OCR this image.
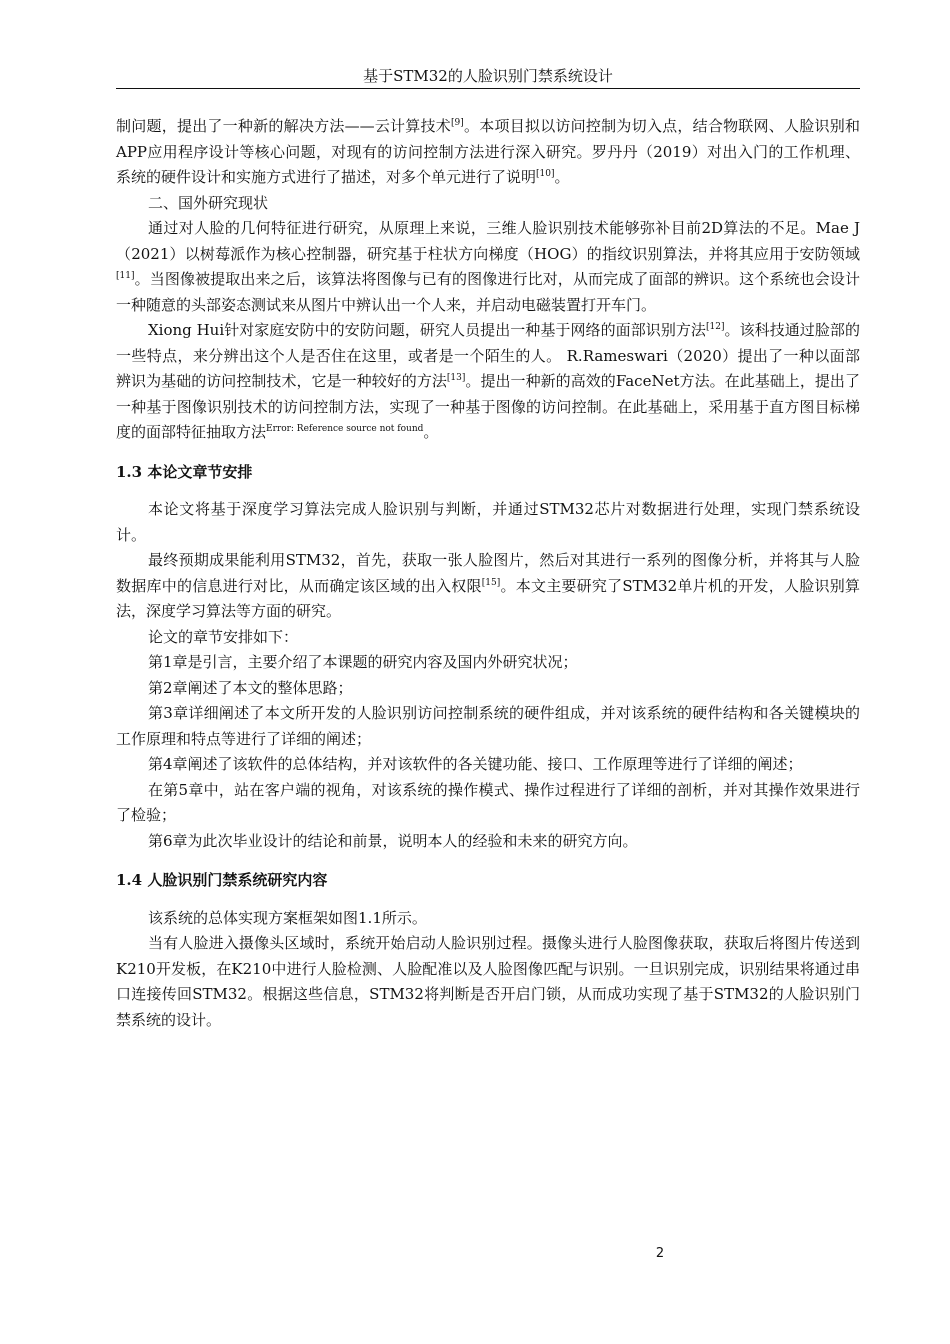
基于STM32的人脸识别门禁系统设计

制问题，提出了一种新的解决方法——云计算技术[9]。本项目拟以访问控制为切入点，结合物联网、人脸识别和APP应用程序设计等核心问题，对现有的访问控制方法进行深入研究。罗丹丹（2019）对出入门的工作机理、系统的硬件设计和实施方式进行了描述，对多个单元进行了说明[10]。

二、国外研究现状

通过对人脸的几何特征进行研究，从原理上来说，三维人脸识别技术能够弥补目前2D算法的不足。Mae J（2021）以树莓派作为核心控制器，研究基于柱状方向梯度（HOG）的指纹识别算法，并将其应用于安防领域[11]。当图像被提取出来之后，该算法将图像与已有的图像进行比对，从而完成了面部的辨识。这个系统也会设计一种随意的头部姿态测试来从图片中辨认出一个人来，并启动电磁装置打开车门。

Xiong Hui针对家庭安防中的安防问题，研究人员提出一种基于网络的面部识别方法[12]。该科技通过脸部的一些特点，来分辨出这个人是否住在这里，或者是一个陌生的人。 R.Rameswari（2020）提出了一种以面部辨识为基础的访问控制技术，它是一种较好的方法[13]。提出一种新的高效的FaceNet方法。在此基础上，提出了一种基于图像识别技术的访问控制方法，实现了一种基于图像的访问控制。在此基础上，采用基于直方图目标梯度的面部特征抽取方法$^{Error: Reference source not found}$。

1.3 本论文章节安排

本论文将基于深度学习算法完成人脸识别与判断，并通过STM32芯片对数据进行处理，实现门禁系统设计。

最终预期成果能利用STM32，首先，获取一张人脸图片，然后对其进行一系列的图像分析，并将其与人脸数据库中的信息进行对比，从而确定该区域的出入权限[15]。本文主要研究了STM32单片机的开发，人脸识别算法，深度学习算法等方面的研究。

论文的章节安排如下：

第1章是引言，主要介绍了本课题的研究内容及国内外研究状况；

第2章阐述了本文的整体思路；

第3章详细阐述了本文所开发的人脸识别访问控制系统的硬件组成，并对该系统的硬件结构和各关键模块的工作原理和特点等进行了详细的阐述；

第4章阐述了该软件的总体结构，并对该软件的各关键功能、接口、工作原理等进行了详细的阐述；

在第5章中，站在客户端的视角，对该系统的操作模式、操作过程进行了详细的剖析，并对其操作效果进行了检验；

第6章为此次毕业设计的结论和前景，说明本人的经验和未来的研究方向。

1.4 人脸识别门禁系统研究内容

该系统的总体实现方案框架如图1.1所示。

当有人脸进入摄像头区域时，系统开始启动人脸识别过程。摄像头进行人脸图像获取，获取后将图片传送到K210开发板，在K210中进行人脸检测、人脸配准以及人脸图像匹配与识别。一旦识别完成，识别结果将通过串口连接传回STM32。根据这些信息，STM32将判断是否开启门锁，从而成功实现了基于STM32的人脸识别门禁系统的设计。

2
